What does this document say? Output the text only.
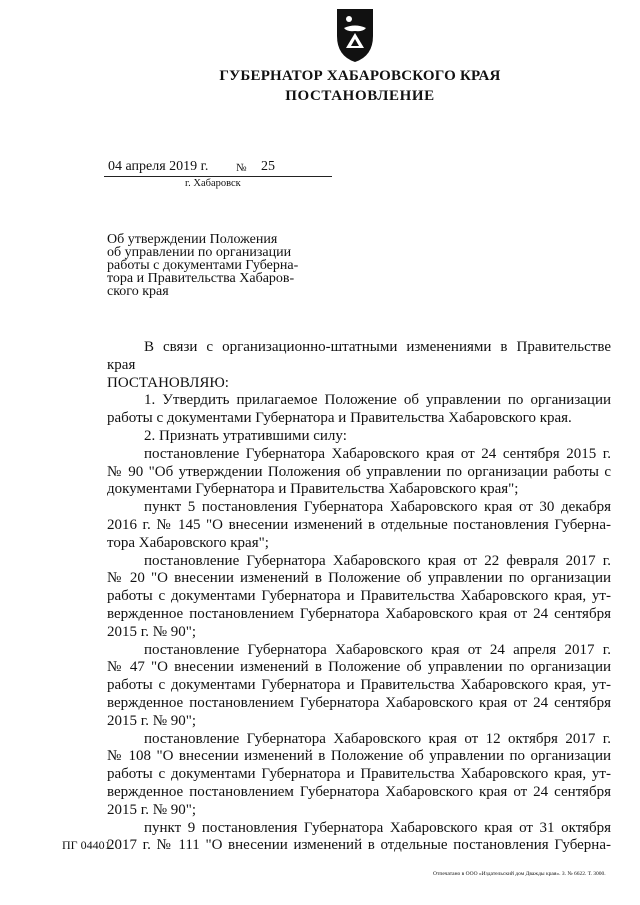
ГУБЕРНАТОР ХАБАРОВСКОГО КРАЯ
ПОСТАНОВЛЕНИЕ
04 апреля 2019 г.	№ 25
г. Хабаровск
Об утверждении Положения
об управлении по организации
работы с документами Губерна-
тора и Правительства Хабаров-
ского края
В связи с организационно-штатными изменениями в Правительстве
края
ПОСТАНОВЛЯЮ:
1. Утвердить прилагаемое Положение об управлении по организации
работы с документами Губернатора и Правительства Хабаровского края.
2. Признать утратившими силу:
постановление Губернатора Хабаровского края от 24 сентября 2015 г.
№ 90 "Об утверждении Положения об управлении по организации работы с
документами Губернатора и Правительства Хабаровского края";
пункт 5 постановления Губернатора Хабаровского края от 30 декабря
2016 г. № 145 "О внесении изменений в отдельные постановления Губерна-
тора Хабаровского края";
постановление Губернатора Хабаровского края от 22 февраля 2017 г.
№ 20 "О внесении изменений в Положение об управлении по организации
работы с документами Губернатора и Правительства Хабаровского края, ут-
вержденное постановлением Губернатора Хабаровского края от 24 сентября
2015 г. № 90";
постановление Губернатора Хабаровского края от 24 апреля 2017 г.
№ 47 "О внесении изменений в Положение об управлении по организации
работы с документами Губернатора и Правительства Хабаровского края, ут-
вержденное постановлением Губернатора Хабаровского края от 24 сентября
2015 г. № 90";
постановление Губернатора Хабаровского края от 12 октября 2017 г.
№ 108 "О внесении изменений в Положение об управлении по организации
работы с документами Губернатора и Правительства Хабаровского края, ут-
вержденное постановлением Губернатора Хабаровского края от 24 сентября
2015 г. № 90";
пункт 9 постановления Губернатора Хабаровского края от 31 октября
2017 г. № 111 "О внесении изменений в отдельные постановления Губерна-
ПГ 04401
Отпечатано в ООО «Издательский дом Дважды края». З. № 6622. Т. 3000.
